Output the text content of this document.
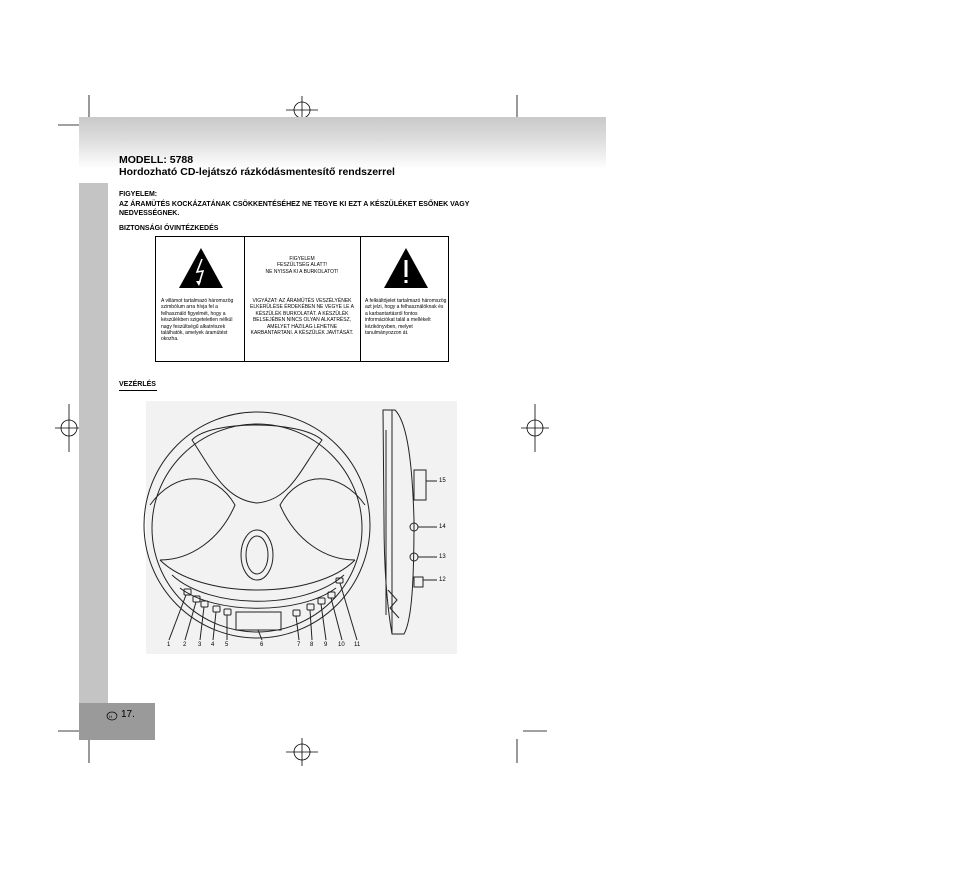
MODELL: 5788
Hordozható CD-lejátszó rázkódásmentesítő rendszerrel
FIGYELEM:
AZ ÁRAMÜTÉS KOCKÁZATÁNAK CSÖKKENTÉSÉHEZ NE TEGYE KI EZT A KÉSZÜLÉKET ESŐNEK VAGY NEDVESSÉGNEK.
BIZTONSÁGI ÓVINTÉZKEDÉS
A villámot tartalmazó háromszög szimbólum arra hívja fel a felhasználó figyelmét, hogy a készülékben szigeteletlen nélkül nagy feszültségű alkatrészek találhatók, amelyek áramütést okozha.
FIGYELEM
FESZÜLTSÉG ALATT!
NE NYISSA KI A BURKOLATOT!
VIGYÁZAT: AZ ÁRAMÜTÉS VESZÉLYÉNEK ELKERÜLÉSE ÉRDEKÉBEN NE VEGYE LE A KÉSZÜLÉK BURKOLATÁT. A KÉSZÜLÉK BELSEJÉBEN NINCS OLYAN ALKATRÉSZ, AMELYET HÁZILAG LEHETNE KARBANTARTANI. A KÉSZÜLÉK JAVÍTÁSÁT.
A felkiáltójelet tartalmazó háromszög azt jelzi, hogy a felhasználóknak és a karbantartásról fontos információkat talál a mellékelt kézikönyvben, melyet tanulmányozzon át.
VEZÉRLÉS
1 2 3 4 5	6	7 8 9 10 11
15
14
13
12
H 17.
